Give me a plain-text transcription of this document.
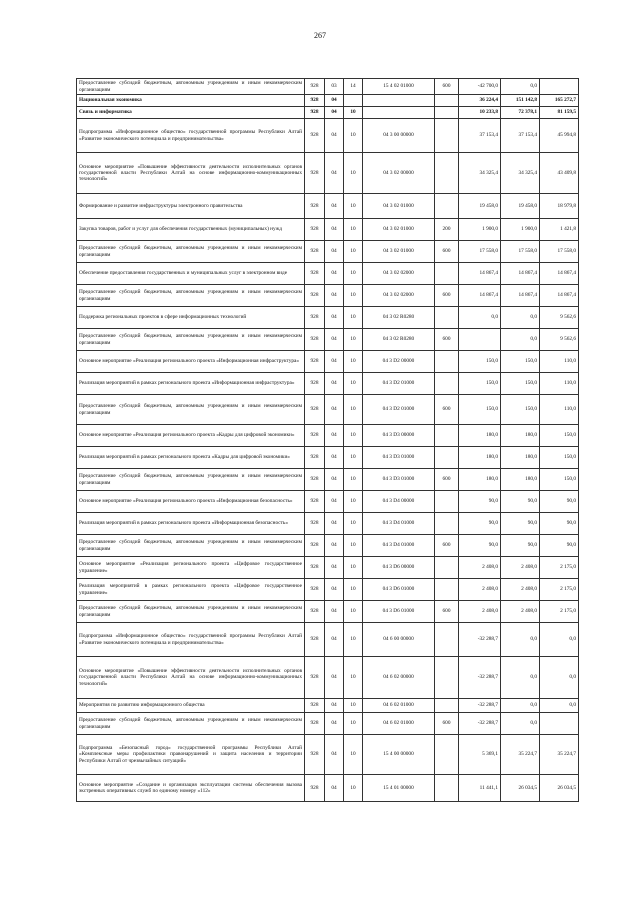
267
Предоставление субсидий бюджетным, автономным учреждениям и иным некоммерческим организациям	928	03	14	15 4 02 01000	600	-42 700,0	0,0	
Национальная экономика	928	04				36 224,4	151 142,8	165 272,7
Связь и информатика	928	04	10			10 233,8	72 378,1	81 159,5
Подпрограмма «Информационное общество» государственной программы Республики Алтай «Развитие экономического потенциала и предпринимательства»	928	04	10	04 3 00 00000		37 153,4	37 153,4	45 994,8
Основное мероприятие «Повышение эффективности деятельности исполнительных органов государственной власти Республики Алтай на основе информационно-коммуникационных технологий»	928	04	10	04 3 02 00000		34 325,4	34 325,4	43 409,8
Формирование и развитие инфраструктуры электронного правительства	928	04	10	04 3 02 01000		19 458,0	19 458,0	18 979,8
Закупка товаров, работ и услуг для обеспечения государственных (муниципальных) нужд	928	04	10	04 3 02 01000	200	1 900,0	1 900,0	1 421,8
Предоставление субсидий бюджетным, автономным учреждениям и иным некоммерческим организациям	928	04	10	04 3 02 01000	600	17 558,0	17 558,0	17 558,0
Обеспечение предоставления государственных и муниципальных услуг в электронном виде	928	04	10	04 3 02 02000		14 867,4	14 867,4	14 867,4
Предоставление субсидий бюджетным, автономным учреждениям и иным некоммерческим организациям	928	04	10	04 3 02 02000	600	14 867,4	14 867,4	14 867,4
Поддержка региональных проектов в сфере информационных технологий	928	04	10	04 3 02 R0280		0,0	0,0	9 562,6
Предоставление субсидий бюджетным, автономным учреждениям и иным некоммерческим организациям	928	04	10	04 3 02 R0280	600		0,0	9 562,6
Основное мероприятие «Реализация регионального проекта «Информационная инфраструктура»	928	04	10	04 3 D2 00000		150,0	150,0	110,0
Реализация мероприятий в рамках регионального проекта «Информационная инфраструктура»	928	04	10	04 3 D2 01000		150,0	150,0	110,0
Предоставление субсидий бюджетным, автономным учреждениям и иным некоммерческим организациям	928	04	10	04 3 D2 01000	600	150,0	150,0	110,0
Основное мероприятие «Реализация регионального проекта «Кадры для цифровой экономики»	928	04	10	04 3 D3 00000		180,0	180,0	150,0
Реализация мероприятий в рамках регионального проекта «Кадры для цифровой экономики»	928	04	10	04 3 D3 01000		180,0	180,0	150,0
Предоставление субсидий бюджетным, автономным учреждениям и иным некоммерческим организациям	928	04	10	04 3 D3 01000	600	180,0	180,0	150,0
Основное мероприятие «Реализация регионального проекта «Информационная безопасность»	928	04	10	04 3 D4 00000		90,0	90,0	90,0
Реализация мероприятий в рамках регионального проекта «Информационная безопасность»	928	04	10	04 3 D4 01000		90,0	90,0	90,0
Предоставление субсидий бюджетным, автономным учреждениям и иным некоммерческим организациям	928	04	10	04 3 D4 01000	600	90,0	90,0	90,0
Основное мероприятие «Реализация регионального проекта «Цифровое государственное управление»	928	04	10	04 3 D6 00000		2 408,0	2 408,0	2 175,0
Реализация мероприятий в рамках регионального проекта «Цифровое государственное управление»	928	04	10	04 3 D6 01000		2 408,0	2 408,0	2 175,0
Предоставление субсидий бюджетным, автономным учреждениям и иным некоммерческим организациям	928	04	10	04 3 D6 01000	600	2 408,0	2 408,0	2 175,0
Подпрограмма «Информационное общество» государственной программы Республики Алтай «Развитие экономического потенциала и предпринимательства»	928	04	10	04 6 00 00000		-32 288,7	0,0	0,0
Основное мероприятие «Повышение эффективности деятельности исполнительных органов государственной власти Республики Алтай на основе информационно-коммуникационных технологий»	928	04	10	04 6 02 00000		-32 288,7	0,0	0,0
Мероприятия по развитию информационного общества	928	04	10	04 6 02 01000		-32 288,7	0,0	0,0
Предоставление субсидий бюджетным, автономным учреждениям и иным некоммерческим организациям	928	04	10	04 6 02 01000	600	-32 288,7	0,0	
Подпрограмма «Безопасный город» государственной программы Республики Алтай «Комплексные меры профилактики правонарушений и защита населения и территории Республики Алтай от чрезвычайных ситуаций»	928	04	10	15 4 00 00000		5 369,1	35 224,7	35 224,7
Основное мероприятие «Создание и организация эксплуатации системы обеспечения вызова экстренных оперативных служб по единому номеру «112»	928	04	10	15 4 01 00000		11 441,1	26 034,5	26 034,5
